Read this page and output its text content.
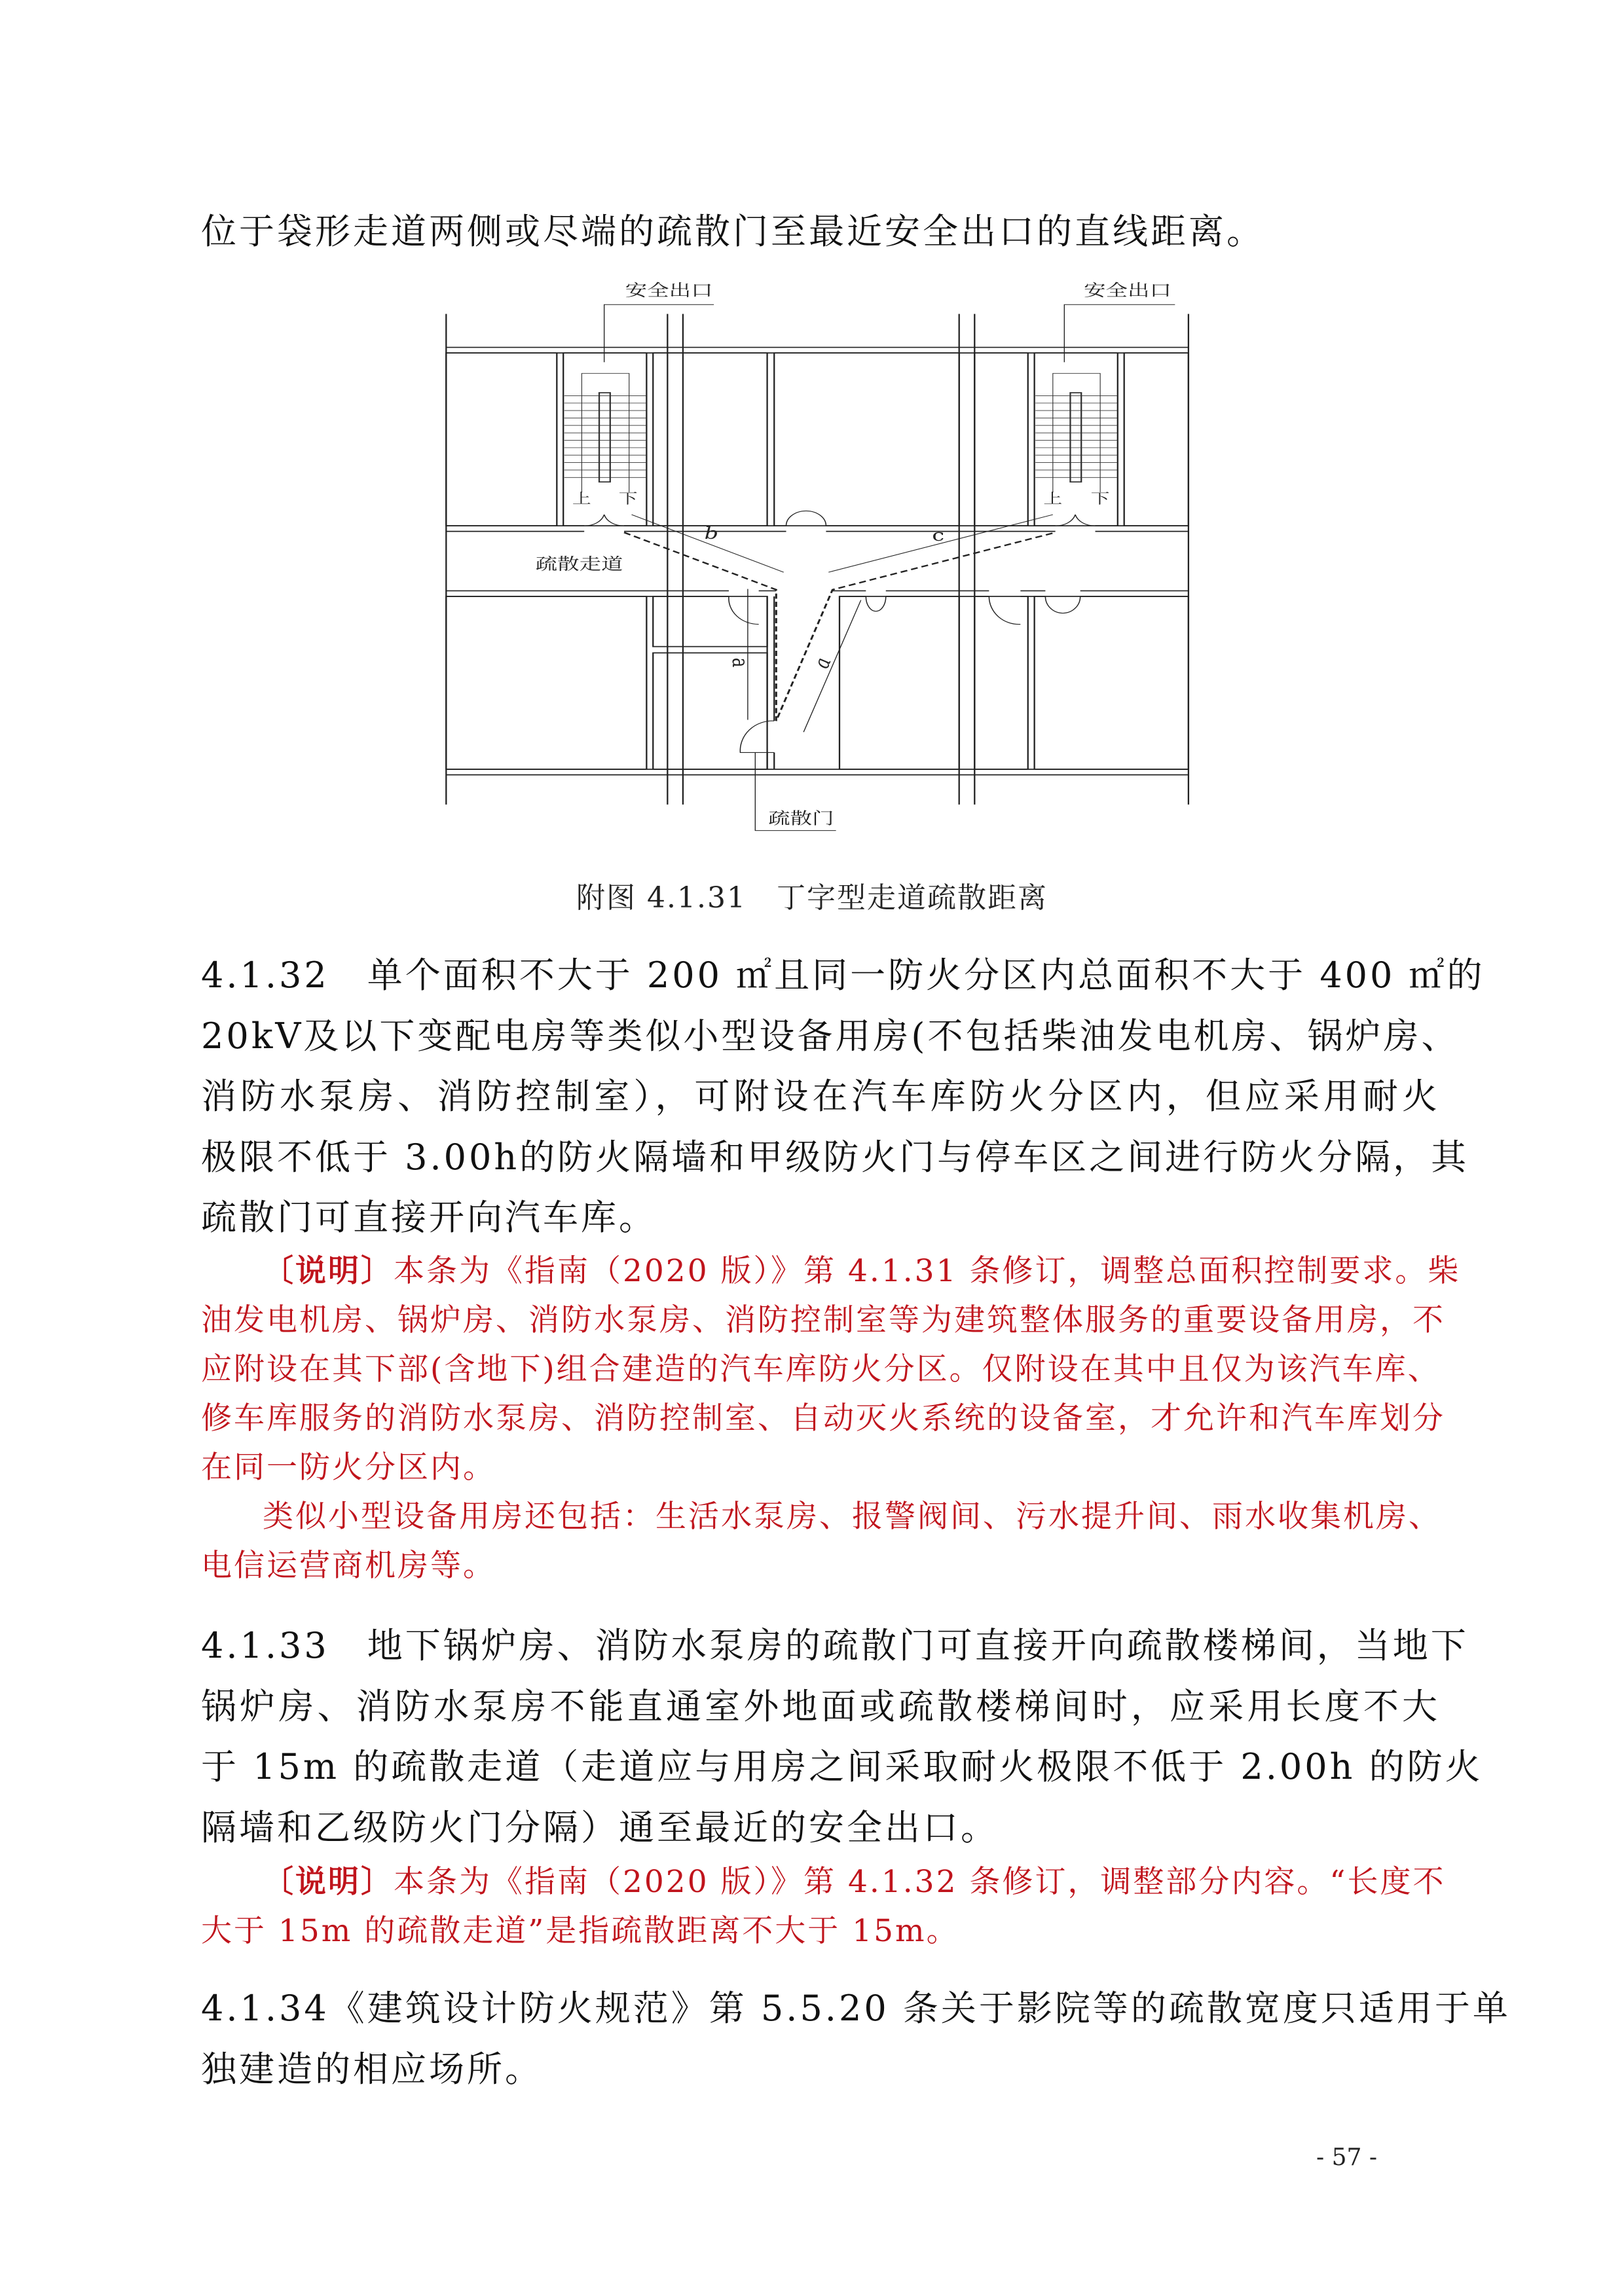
位于袋形走道两侧或尽端的疏散门至最近安全出口的直线距离。
安全出口	安全出口
疏散走道
疏散门
上 下	上 下
b	c
a a
附图 4.1.31　丁字型走道疏散距离
4.1.32　单个面积不大于 200 ㎡且同一防火分区内总面积不大于 400 ㎡的
20kV及以下变配电房等类似小型设备用房(不包括柴油发电机房、锅炉房、
消防水泵房、消防控制室），可附设在汽车库防火分区内，但应采用耐火
极限不低于 3.00h的防火隔墙和甲级防火门与停车区之间进行防火分隔，其
疏散门可直接开向汽车库。
〔说明〕本条为《指南（2020 版）》第 4.1.31 条修订，调整总面积控制要求。柴
油发电机房、锅炉房、消防水泵房、消防控制室等为建筑整体服务的重要设备用房，不
应附设在其下部(含地下)组合建造的汽车库防火分区。仅附设在其中且仅为该汽车库、
修车库服务的消防水泵房、消防控制室、自动灭火系统的设备室，才允许和汽车库划分
在同一防火分区内。
类似小型设备用房还包括：生活水泵房、报警阀间、污水提升间、雨水收集机房、
电信运营商机房等。
4.1.33　地下锅炉房、消防水泵房的疏散门可直接开向疏散楼梯间，当地下
锅炉房、消防水泵房不能直通室外地面或疏散楼梯间时，应采用长度不大
于 15m 的疏散走道（走道应与用房之间采取耐火极限不低于 2.00h 的防火
隔墙和乙级防火门分隔）通至最近的安全出口。
〔说明〕本条为《指南（2020 版）》第 4.1.32 条修订，调整部分内容。“长度不
大于 15m 的疏散走道”是指疏散距离不大于 15m。
4.1.34《建筑设计防火规范》第 5.5.20 条关于影院等的疏散宽度只适用于单
独建造的相应场所。
- 57 -
